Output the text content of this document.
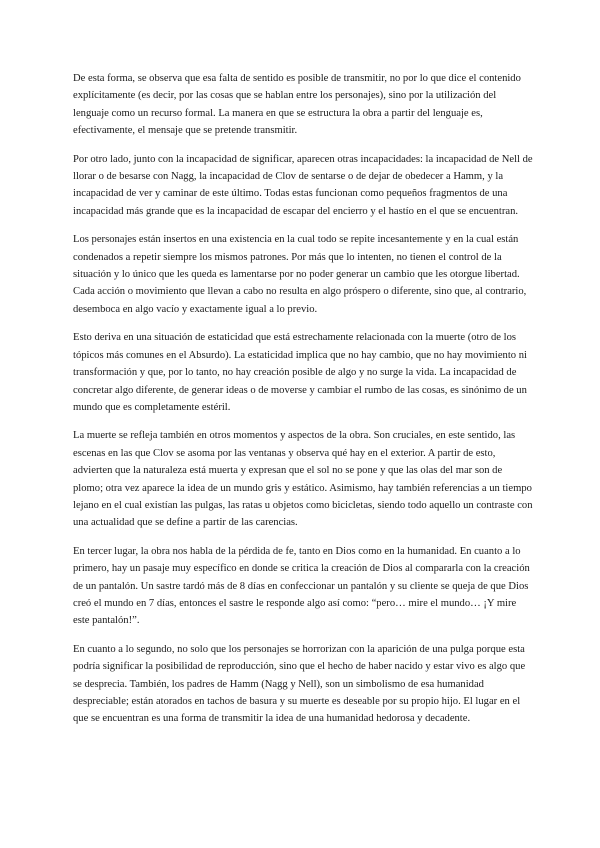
De esta forma, se observa que esa falta de sentido es posible de transmitir, no por lo que dice el contenido explícitamente (es decir, por las cosas que se hablan entre los personajes), sino por la utilización del lenguaje como un recurso formal. La manera en que se estructura la obra a partir del lenguaje es, efectivamente, el mensaje que se pretende transmitir.

Por otro lado, junto con la incapacidad de significar, aparecen otras incapacidades: la incapacidad de Nell de llorar o de besarse con Nagg, la incapacidad de Clov de sentarse o de dejar de obedecer a Hamm, y la incapacidad de ver y caminar de este último. Todas estas funcionan como pequeños fragmentos de una incapacidad más grande que es la incapacidad de escapar del encierro y el hastío en el que se encuentran.

Los personajes están insertos en una existencia en la cual todo se repite incesantemente y en la cual están condenados a repetir siempre los mismos patrones. Por más que lo intenten, no tienen el control de la situación y lo único que les queda es lamentarse por no poder generar un cambio que les otorgue libertad. Cada acción o movimiento que llevan a cabo no resulta en algo próspero o diferente, sino que, al contrario, desemboca en algo vacío y exactamente igual a lo previo.

Esto deriva en una situación de estaticidad que está estrechamente relacionada con la muerte (otro de los tópicos más comunes en el Absurdo). La estaticidad implica que no hay cambio, que no hay movimiento ni transformación y que, por lo tanto, no hay creación posible de algo y no surge la vida. La incapacidad de concretar algo diferente, de generar ideas o de moverse y cambiar el rumbo de las cosas, es sinónimo de un mundo que es completamente estéril.

La muerte se refleja también en otros momentos y aspectos de la obra. Son cruciales, en este sentido, las escenas en las que Clov se asoma por las ventanas y observa qué hay en el exterior. A partir de esto, advierten que la naturaleza está muerta y expresan que el sol no se pone y que las olas del mar son de plomo; otra vez aparece la idea de un mundo gris y estático. Asimismo, hay también referencias a un tiempo lejano en el cual existían las pulgas, las ratas u objetos como bicicletas, siendo todo aquello un contraste con una actualidad que se define a partir de las carencias.

En tercer lugar, la obra nos habla de la pérdida de fe, tanto en Dios como en la humanidad. En cuanto a lo primero, hay un pasaje muy específico en donde se critica la creación de Dios al compararla con la creación de un pantalón. Un sastre tardó más de 8 días en confeccionar un pantalón y su cliente se queja de que Dios creó el mundo en 7 días, entonces el sastre le responde algo así como: “pero… mire el mundo… ¡Y mire este pantalón!”.

En cuanto a lo segundo, no solo que los personajes se horrorizan con la aparición de una pulga porque esta podría significar la posibilidad de reproducción, sino que el hecho de haber nacido y estar vivo es algo que se desprecia. También, los padres de Hamm (Nagg y Nell), son un simbolismo de esa humanidad despreciable; están atorados en tachos de basura y su muerte es deseable por su propio hijo. El lugar en el que se encuentran es una forma de transmitir la idea de una humanidad hedorosa y decadente.
